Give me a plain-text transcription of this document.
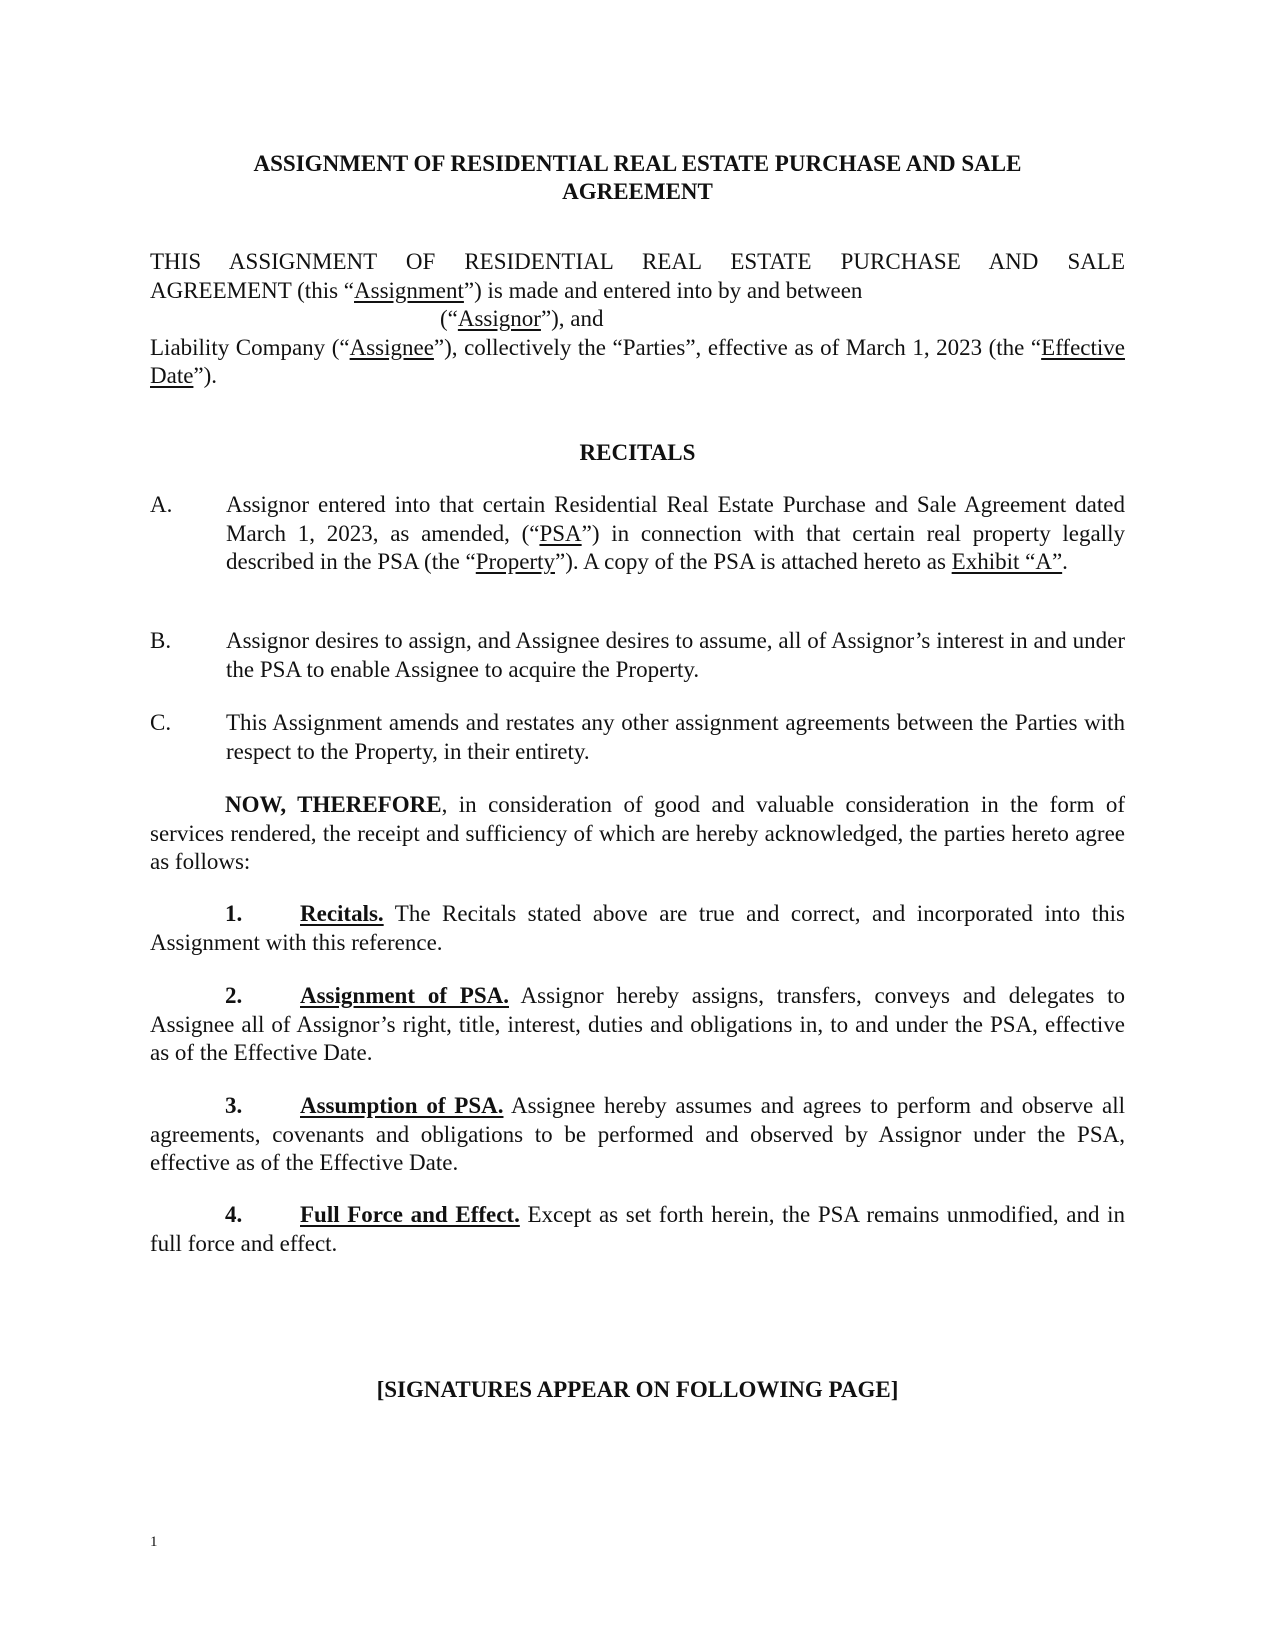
ASSIGNMENT OF RESIDENTIAL REAL ESTATE PURCHASE AND SALE
AGREEMENT
THIS ASSIGNMENT OF RESIDENTIAL REAL ESTATE PURCHASE AND SALE
AGREEMENT (this “Assignment”) is made and entered into by and between
(“Assignor”), and
Liability Company (“Assignee”), collectively the “Parties”, effective as of March 1, 2023 (the “Effective Date”).
RECITALS
A. Assignor entered into that certain Residential Real Estate Purchase and Sale Agreement dated March 1, 2023, as amended, (“PSA”) in connection with that certain real property legally described in the PSA (the “Property”). A copy of the PSA is attached hereto as Exhibit “A”.
B. Assignor desires to assign, and Assignee desires to assume, all of Assignor’s interest in and under the PSA to enable Assignee to acquire the Property.
C. This Assignment amends and restates any other assignment agreements between the Parties with respect to the Property, in their entirety.
NOW, THEREFORE, in consideration of good and valuable consideration in the form of services rendered, the receipt and sufficiency of which are hereby acknowledged, the parties hereto agree as follows:
1.	Recitals. The Recitals stated above are true and correct, and incorporated into this Assignment with this reference.
2.	Assignment of PSA. Assignor hereby assigns, transfers, conveys and delegates to Assignee all of Assignor’s right, title, interest, duties and obligations in, to and under the PSA, effective as of the Effective Date.
3.	Assumption of PSA. Assignee hereby assumes and agrees to perform and observe all agreements, covenants and obligations to be performed and observed by Assignor under the PSA, effective as of the Effective Date.
4.	Full Force and Effect. Except as set forth herein, the PSA remains unmodified, and in full force and effect.
[SIGNATURES APPEAR ON FOLLOWING PAGE]
1
